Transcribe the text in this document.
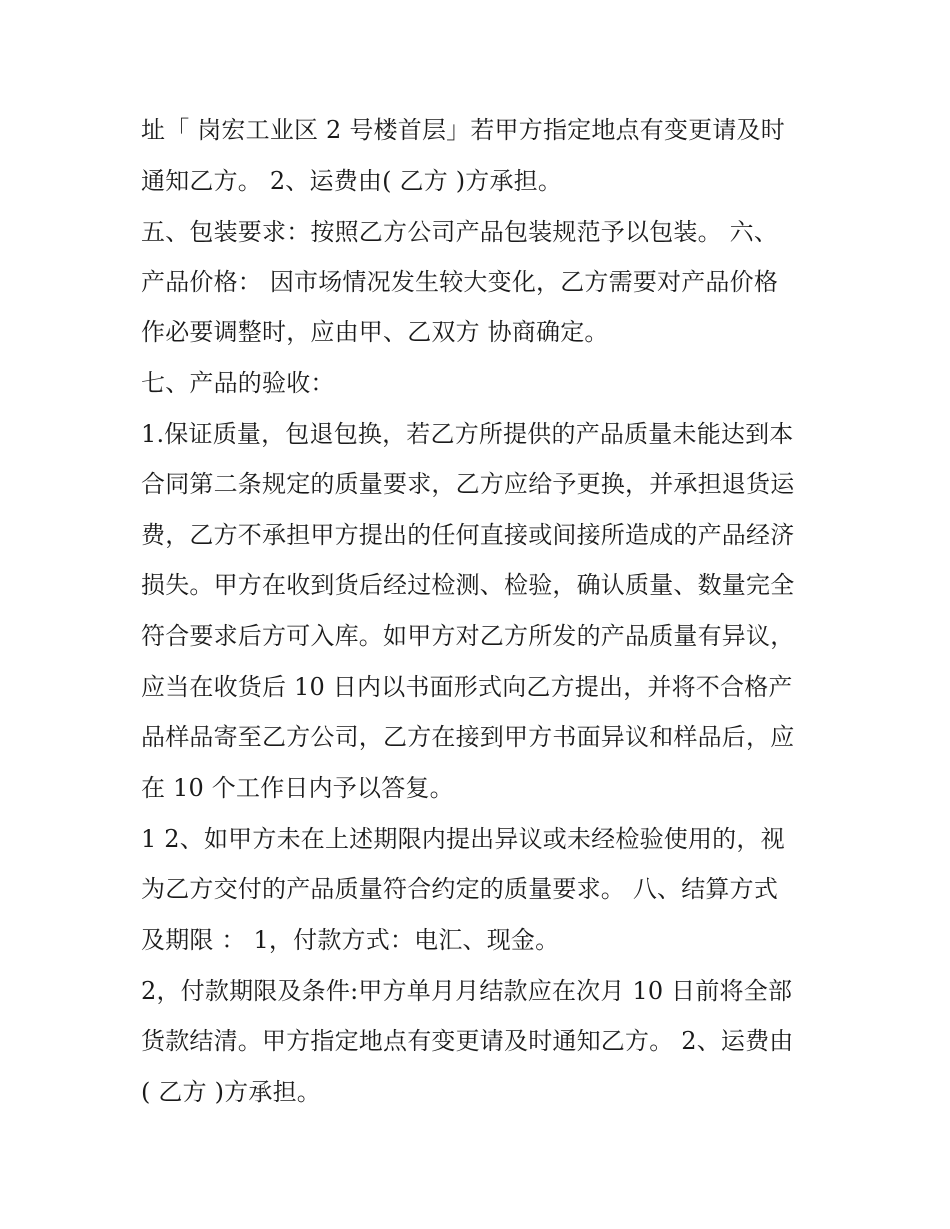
址「 岗宏工业区 2 号楼首层」若甲方指定地点有变更请及时
通知乙方。 2、运费由( 乙方 )方承担。
五、包装要求：按照乙方公司产品包装规范予以包装。 六、
产品价格： 因市场情况发生较大变化，乙方需要对产品价格
作必要调整时，应由甲、乙双方 协商确定。
七、产品的验收：
1.保证质量，包退包换，若乙方所提供的产品质量未能达到本
合同第二条规定的质量要求，乙方应给予更换，并承担退货运
费，乙方不承担甲方提出的任何直接或间接所造成的产品经济
损失。甲方在收到货后经过检测、检验，确认质量、数量完全
符合要求后方可入库。如甲方对乙方所发的产品质量有异议，
应当在收货后 10 日内以书面形式向乙方提出，并将不合格产
品样品寄至乙方公司，乙方在接到甲方书面异议和样品后，应
在 10 个工作日内予以答复。
1 2、如甲方未在上述期限内提出异议或未经检验使用的，视
为乙方交付的产品质量符合约定的质量要求。 八、结算方式
及期限 ： 1，付款方式：电汇、现金。
2，付款期限及条件:甲方单月月结款应在次月 10 日前将全部
货款结清。甲方指定地点有变更请及时通知乙方。 2、运费由
( 乙方 )方承担。
